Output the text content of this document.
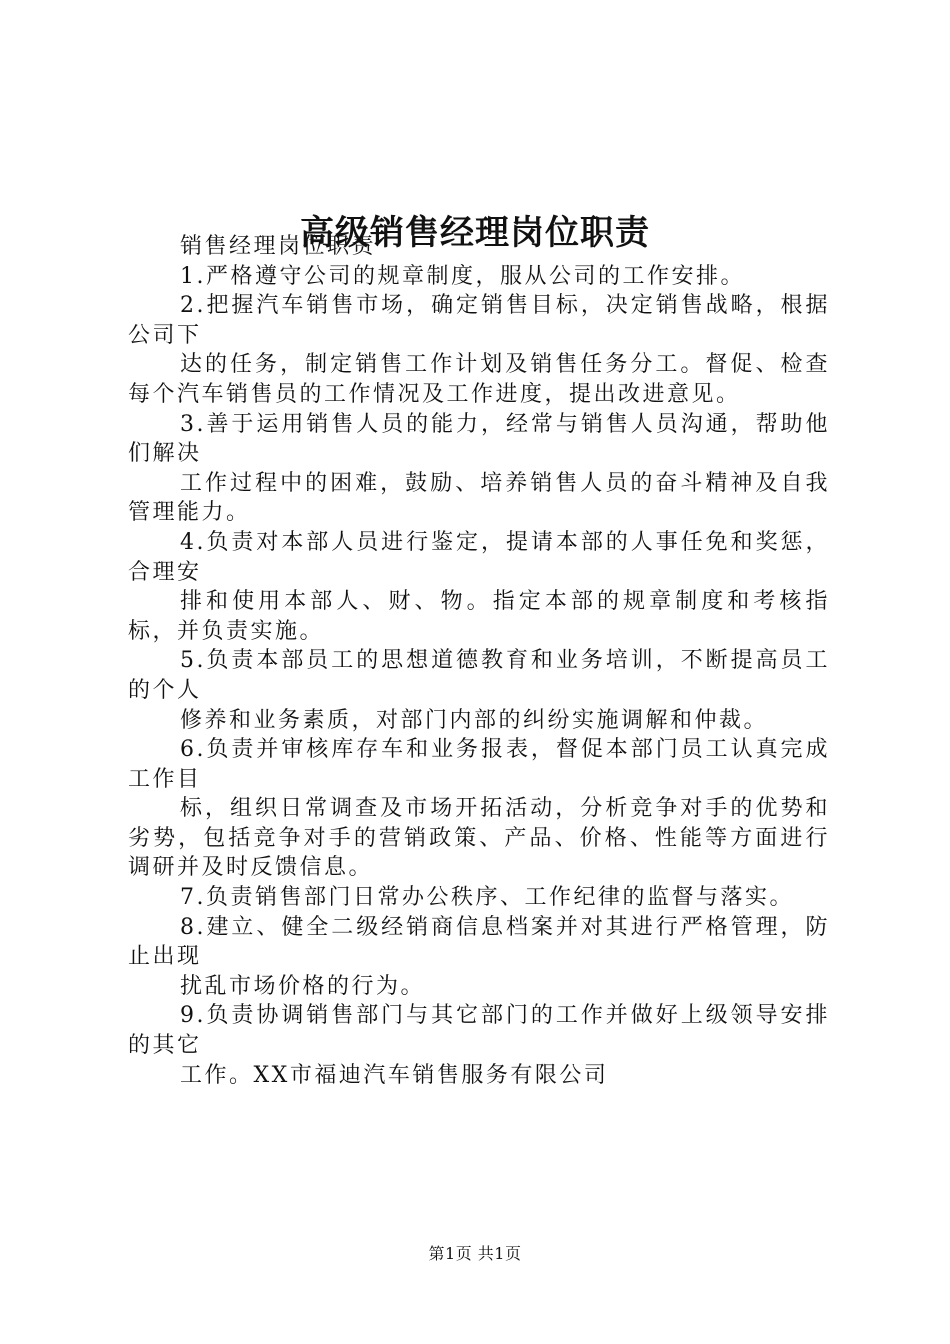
高级销售经理岗位职责

销售经理岗位职责

1.严格遵守公司的规章制度，服从公司的工作安排。

2.把握汽车销售市场，确定销售目标，决定销售战略，根据公司下

达的任务，制定销售工作计划及销售任务分工。督促、检查每个汽车销售员的工作情况及工作进度，提出改进意见。

3.善于运用销售人员的能力，经常与销售人员沟通，帮助他们解决

工作过程中的困难，鼓励、培养销售人员的奋斗精神及自我管理能力。

4.负责对本部人员进行鉴定，提请本部的人事任免和奖惩，合理安

排和使用本部人、财、物。指定本部的规章制度和考核指标，并负责实施。

5.负责本部员工的思想道德教育和业务培训，不断提高员工的个人

修养和业务素质，对部门内部的纠纷实施调解和仲裁。

6.负责并审核库存车和业务报表，督促本部门员工认真完成工作目

标，组织日常调查及市场开拓活动，分析竞争对手的优势和劣势，包括竞争对手的营销政策、产品、价格、性能等方面进行调研并及时反馈信息。

7.负责销售部门日常办公秩序、工作纪律的监督与落实。

8.建立、健全二级经销商信息档案并对其进行严格管理，防止出现

扰乱市场价格的行为。

9.负责协调销售部门与其它部门的工作并做好上级领导安排的其它

工作。XX市福迪汽车销售服务有限公司

第1页 共1页
